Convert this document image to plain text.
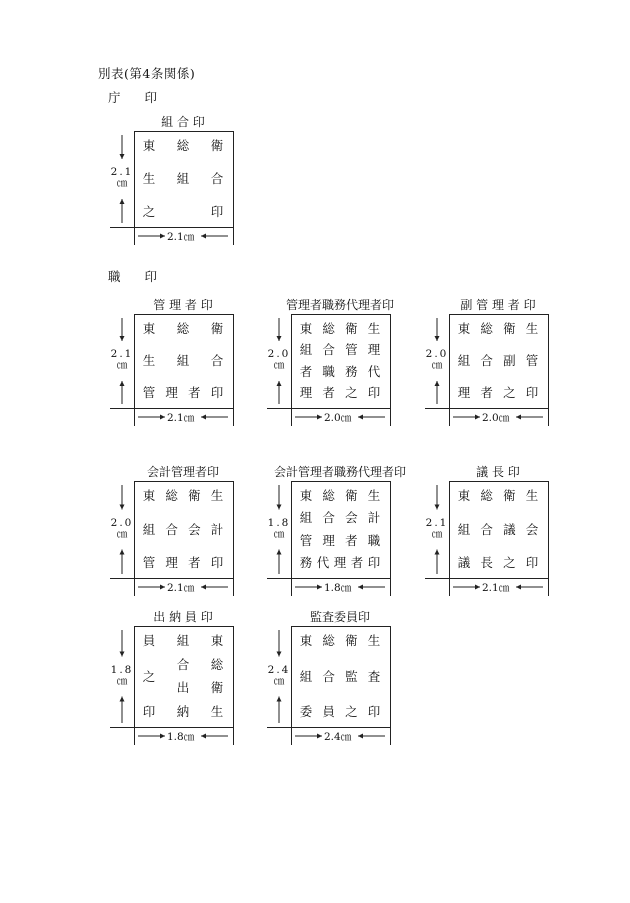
別表(第4条関係)
庁 印
職 印
組 合 印
2.1㎝
2.1
㎝
東 総 衛
生 組 合
之	印
管 理 者 印
2.1㎝
2.1
㎝
東 総 衛
生 組 合
管 理 者 印
管理者職務代理者印
2.0㎝
2.0
㎝
東 総 衛 生
組 合 管 理
者 職 務 代
理 者 之 印
副 管 理 者 印
2.0㎝
2.0
㎝
東 総 衛 生
組 合 副 管
理 者 之 印
会計管理者印
2.1㎝
2.0
㎝
東 総 衛 生
組 合 会 計
管 理 者 印
会計管理者職務代理者印
1.8㎝
1.8
㎝
東 総 衛 生
組 合 会 計
管 理 者 職
務 代 理 者 印
議 長 印
2.1㎝
2.1
㎝
東 総 衛 生
組 合 議 会
議 長 之 印
出 納 員 印
1.8㎝
1.8
㎝
員
之
印
組
合
出
納
東
総
衛
生
監査委員印
2.4㎝
2.4
㎝
東 総 衛 生
組 合 監 査
委 員 之 印
